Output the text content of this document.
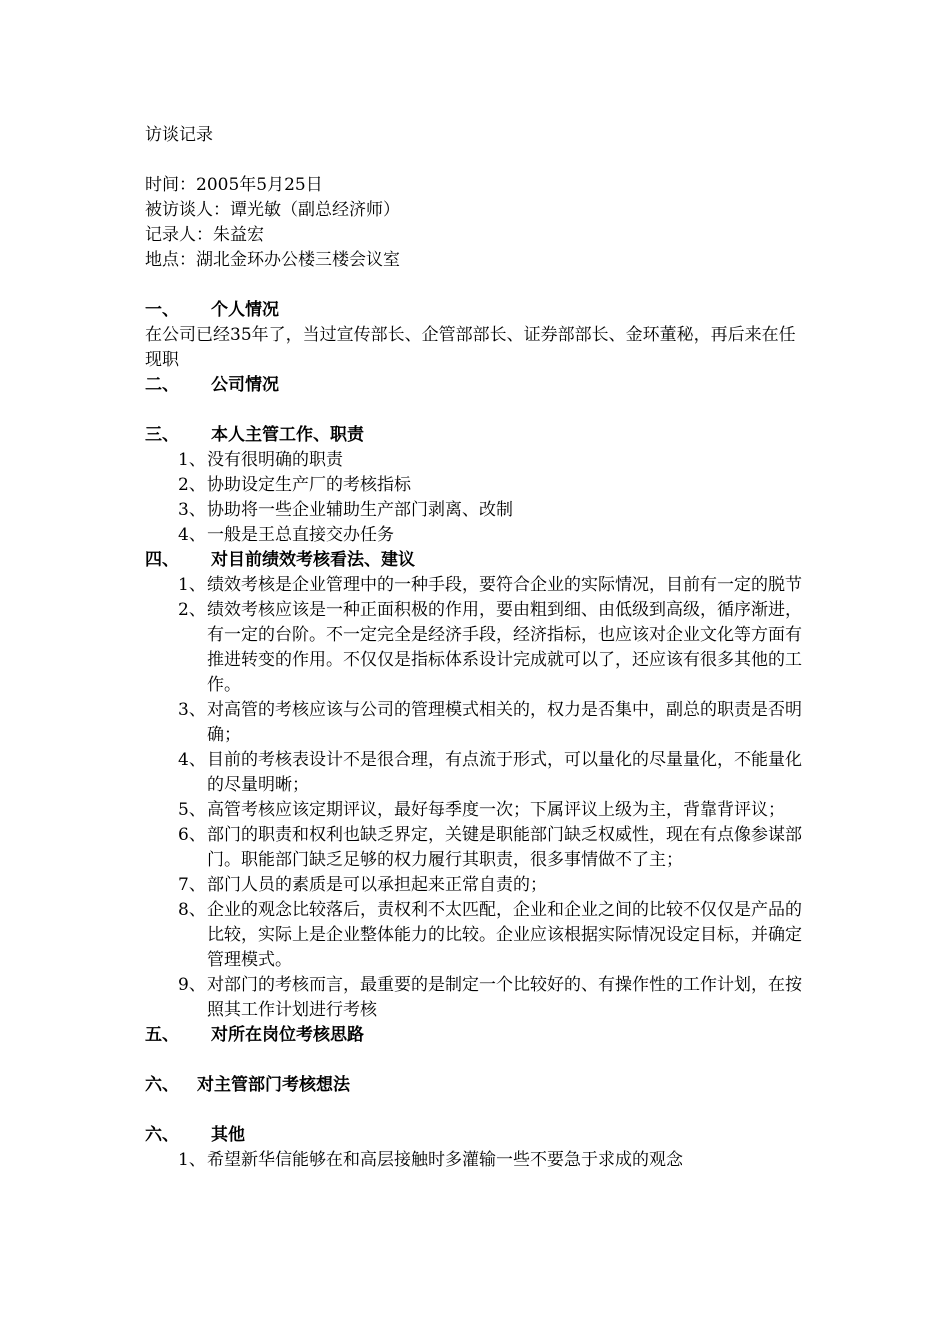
访谈记录
时间：2005年5月25日
被访谈人：谭光敏（副总经济师）
记录人：朱益宏
地点：湖北金环办公楼三楼会议室
一、 个人情况
在公司已经35年了，当过宣传部长、企管部部长、证券部部长、金环董秘，再后来在任现职
二、 公司情况
三、 本人主管工作、职责
1、 没有很明确的职责
2、 协助设定生产厂的考核指标
3、 协助将一些企业辅助生产部门剥离、改制
4、 一般是王总直接交办任务
四、 对目前绩效考核看法、建议
1、 绩效考核是企业管理中的一种手段，要符合企业的实际情况，目前有一定的脱节
2、 绩效考核应该是一种正面积极的作用，要由粗到细、由低级到高级，循序渐进，有一定的台阶。不一定完全是经济手段，经济指标，也应该对企业文化等方面有推进转变的作用。不仅仅是指标体系设计完成就可以了，还应该有很多其他的工作。
3、 对高管的考核应该与公司的管理模式相关的，权力是否集中，副总的职责是否明确；
4、 目前的考核表设计不是很合理，有点流于形式，可以量化的尽量量化，不能量化的尽量明晰；
5、 高管考核应该定期评议，最好每季度一次；下属评议上级为主，背靠背评议；
6、 部门的职责和权利也缺乏界定，关键是职能部门缺乏权威性，现在有点像参谋部门。职能部门缺乏足够的权力履行其职责，很多事情做不了主；
7、 部门人员的素质是可以承担起来正常自责的；
8、 企业的观念比较落后，责权利不太匹配，企业和企业之间的比较不仅仅是产品的比较，实际上是企业整体能力的比较。企业应该根据实际情况设定目标，并确定管理模式。
9、 对部门的考核而言，最重要的是制定一个比较好的、有操作性的工作计划，在按照其工作计划进行考核
五、 对所在岗位考核思路
六、 对主管部门考核想法
六、 其他
1、 希望新华信能够在和高层接触时多灌输一些不要急于求成的观念
